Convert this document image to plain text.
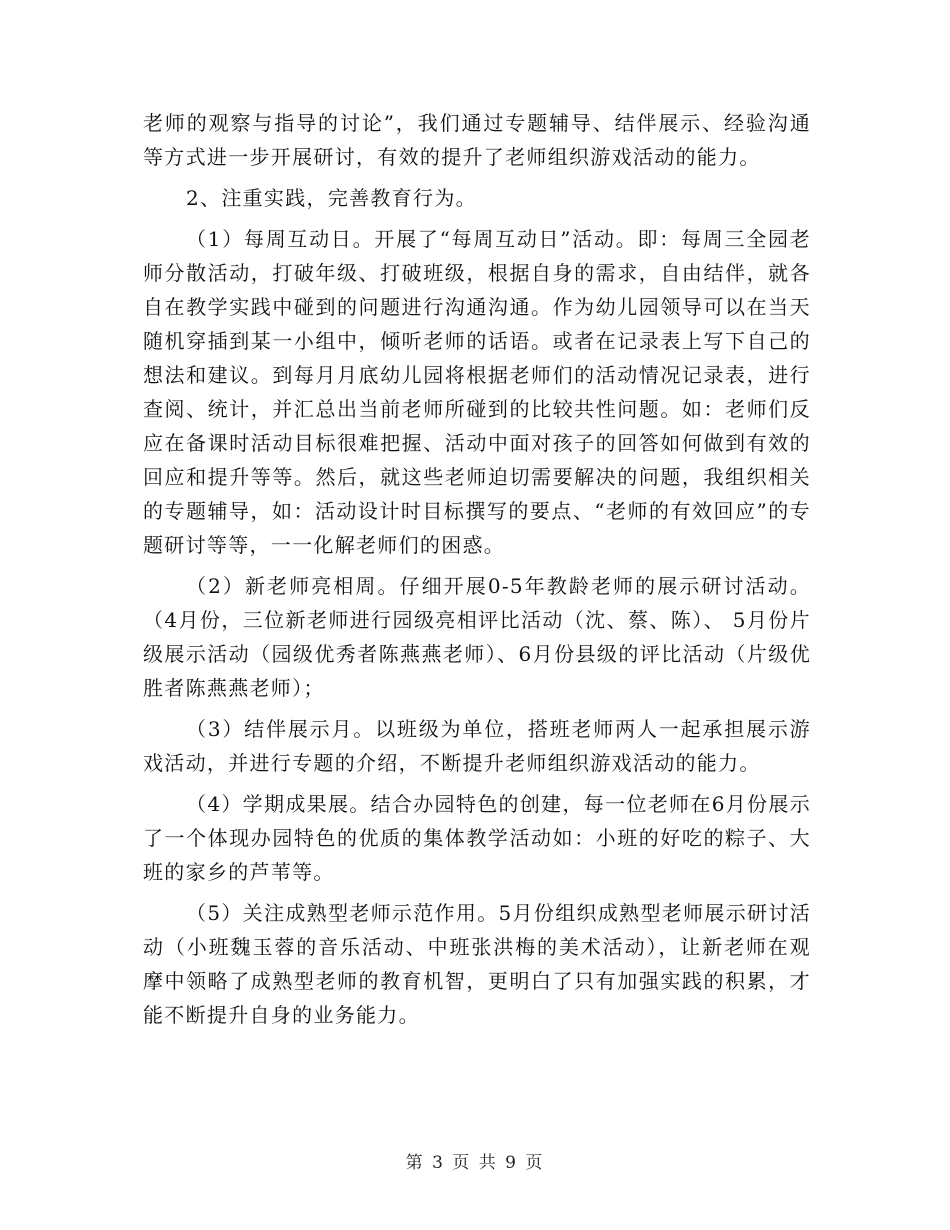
老师的观察与指导的讨论”，我们通过专题辅导、结伴展示、经验沟通等方式进一步开展研讨，有效的提升了老师组织游戏活动的能力。

2、注重实践，完善教育行为。

（1）每周互动日。开展了“每周互动日”活动。即：每周三全园老师分散活动，打破年级、打破班级，根据自身的需求，自由结伴，就各自在教学实践中碰到的问题进行沟通沟通。作为幼儿园领导可以在当天随机穿插到某一小组中，倾听老师的话语。或者在记录表上写下自己的想法和建议。到每月月底幼儿园将根据老师们的活动情况记录表，进行查阅、统计，并汇总出当前老师所碰到的比较共性问题。如：老师们反应在备课时活动目标很难把握、活动中面对孩子的回答如何做到有效的回应和提升等等。然后，就这些老师迫切需要解决的问题，我组织相关的专题辅导，如：活动设计时目标撰写的要点、“老师的有效回应”的专题研讨等等，一一化解老师们的困惑。

（2）新老师亮相周。仔细开展0-5年教龄老师的展示研讨活动。（4月份，三位新老师进行园级亮相评比活动（沈、蔡、陈）、 5月份片级展示活动（园级优秀者陈燕燕老师）、6月份县级的评比活动（片级优胜者陈燕燕老师）；

（3）结伴展示月。以班级为单位，搭班老师两人一起承担展示游戏活动，并进行专题的介绍，不断提升老师组织游戏活动的能力。

（4）学期成果展。结合办园特色的创建，每一位老师在6月份展示了一个体现办园特色的优质的集体教学活动如：小班的好吃的粽子、大班的家乡的芦苇等。

（5）关注成熟型老师示范作用。5月份组织成熟型老师展示研讨活动（小班魏玉蓉的音乐活动、中班张洪梅的美术活动），让新老师在观摩中领略了成熟型老师的教育机智，更明白了只有加强实践的积累，才能不断提升自身的业务能力。

第 3 页 共 9 页
